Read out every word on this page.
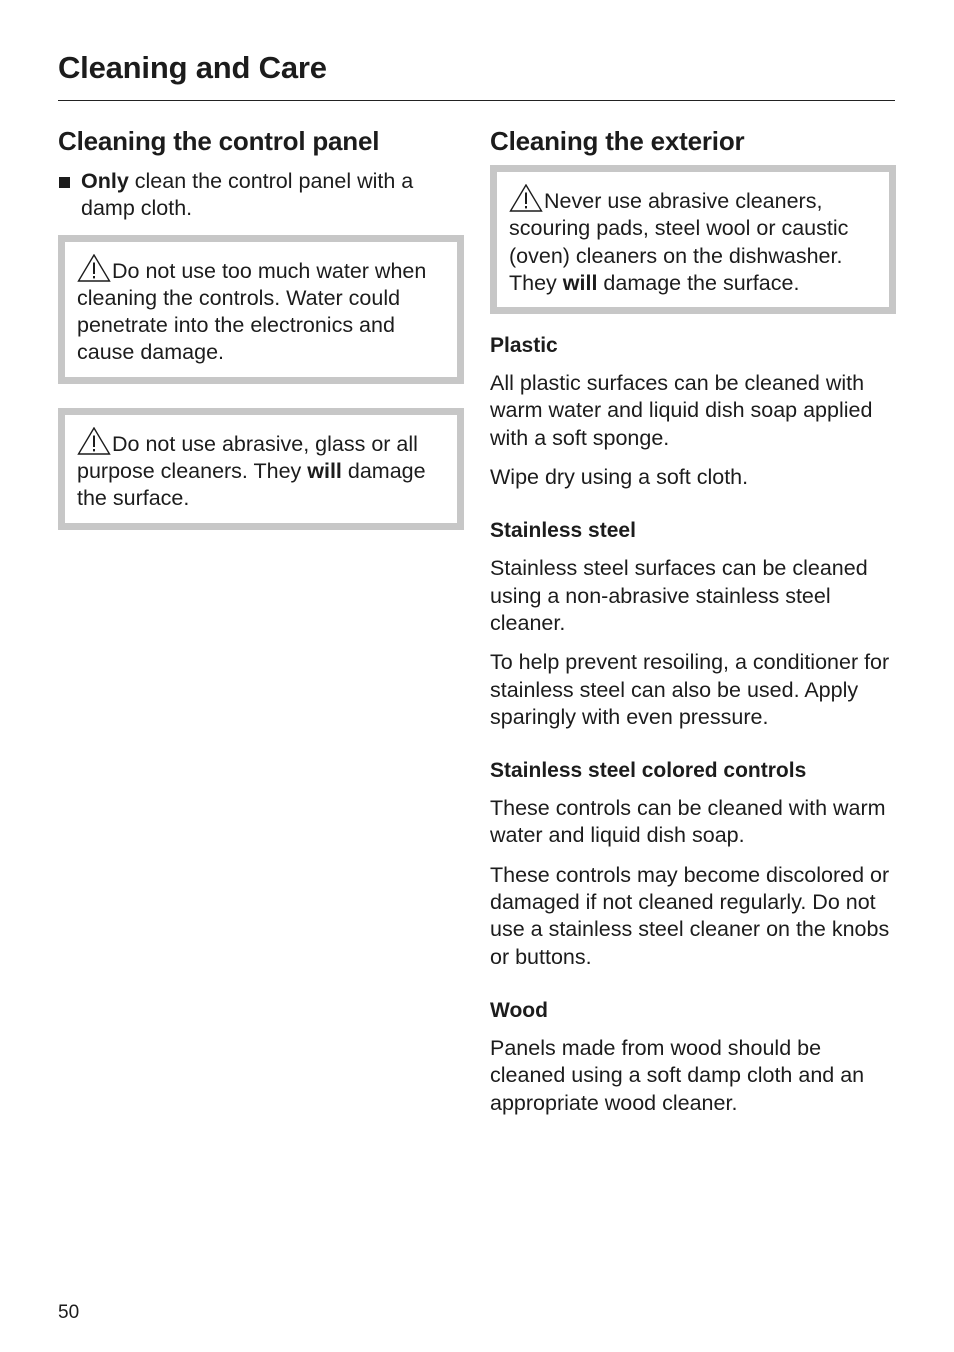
Cleaning and Care
Cleaning the control panel

Only clean the control panel with a damp cloth.

Do not use too much water when cleaning the controls. Water could penetrate into the electronics and cause damage.
Do not use abrasive, glass or all purpose cleaners. They will damage the surface.
Cleaning the exterior
Never use abrasive cleaners, scouring pads, steel wool or caustic (oven) cleaners on the dishwasher. They will damage the surface.
Plastic

All plastic surfaces can be cleaned with warm water and liquid dish soap applied with a soft sponge.

Wipe dry using a soft cloth.

Stainless steel

Stainless steel surfaces can be cleaned using a non-abrasive stainless steel cleaner.

To help prevent resoiling, a conditioner for stainless steel can also be used. Apply sparingly with even pressure.

Stainless steel colored controls

These controls can be cleaned with warm water and liquid dish soap.

These controls may become discolored or damaged if not cleaned regularly. Do not use a stainless steel cleaner on the knobs or buttons.

Wood

Panels made from wood should be cleaned using a soft damp cloth and an appropriate wood cleaner.

50
